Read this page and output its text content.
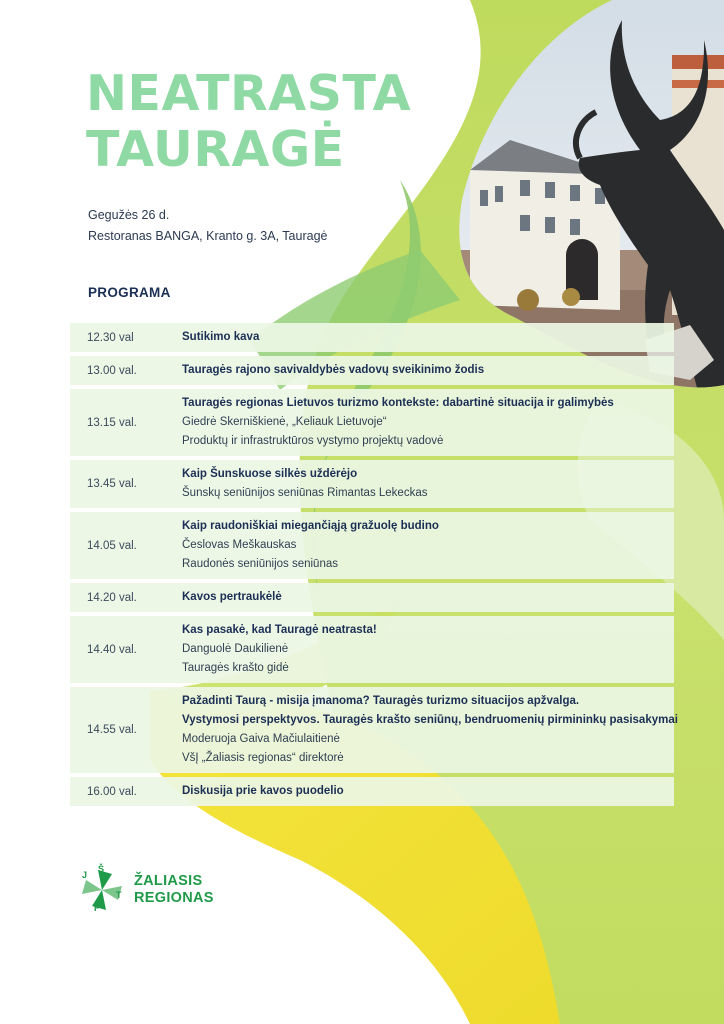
NEATRASTA
TAURAGĖ
Gegužės 26 d.
Restoranas BANGA, Kranto g. 3A, Tauragė
PROGRAMA
12.30 val	Sutikimo kava
13.00 val.	Tauragės rajono savivaldybės vadovų sveikinimo žodis
13.15 val.
Tauragės regionas Lietuvos turizmo kontekste: dabartinė situacija ir galimybės
Giedrė Skerniškienė, „Keliauk Lietuvoje“
Produktų ir infrastruktūros vystymo projektų vadovė
13.45 val.
Kaip Šunskuose silkės uždėrėjo
Šunskų seniūnijos seniūnas Rimantas Lekeckas
14.05 val.
Kaip raudoniškiai miegančiąją gražuolę budino
Česlovas Meškauskas
Raudonės seniūnijos seniūnas
14.20 val.	Kavos pertraukėlė
14.40 val.
Kas pasakė, kad Tauragė neatrasta!
Danguolė Daukilienė
Tauragės krašto gidė
14.55 val.
Pažadinti Taurą - misija įmanoma? Tauragės turizmo situacijos apžvalga.
Vystymosi perspektyvos. Tauragės krašto seniūnų, bendruomenių pirmininkų pasisakymai
Moderuoja Gaiva Mačiulaitienė
VšĮ „Žaliasis regionas“ direktorė
16.00 val.	Diskusija prie kavos puodelio
J
Š
T
P
ŽALIASIS
REGIONAS
